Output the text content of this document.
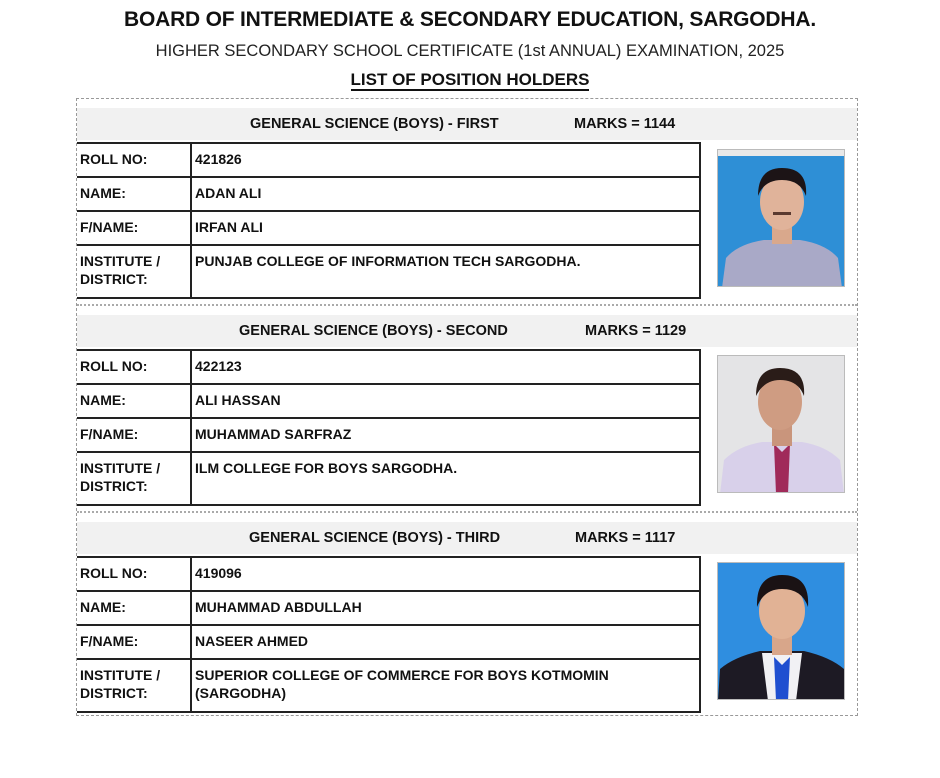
BOARD OF INTERMEDIATE & SECONDARY EDUCATION, SARGODHA.
HIGHER SECONDARY SCHOOL CERTIFICATE (1st ANNUAL) EXAMINATION, 2025
LIST OF POSITION HOLDERS
GENERAL SCIENCE (BOYS) - FIRST	MARKS = 1144
ROLL NO:	421826
NAME:	ADAN ALI
F/NAME:	IRFAN ALI
INSTITUTE /
DISTRICT:
PUNJAB COLLEGE OF INFORMATION TECH SARGODHA.
GENERAL SCIENCE (BOYS) - SECOND	MARKS = 1129
ROLL NO:	422123
NAME:	ALI HASSAN
F/NAME:	MUHAMMAD SARFRAZ
INSTITUTE /
DISTRICT:
ILM COLLEGE FOR BOYS SARGODHA.
GENERAL SCIENCE (BOYS) - THIRD	MARKS = 1117
ROLL NO:	419096
NAME:	MUHAMMAD ABDULLAH
F/NAME:	NASEER AHMED
INSTITUTE /
DISTRICT:
SUPERIOR COLLEGE OF COMMERCE FOR BOYS KOTMOMIN
(SARGODHA)
